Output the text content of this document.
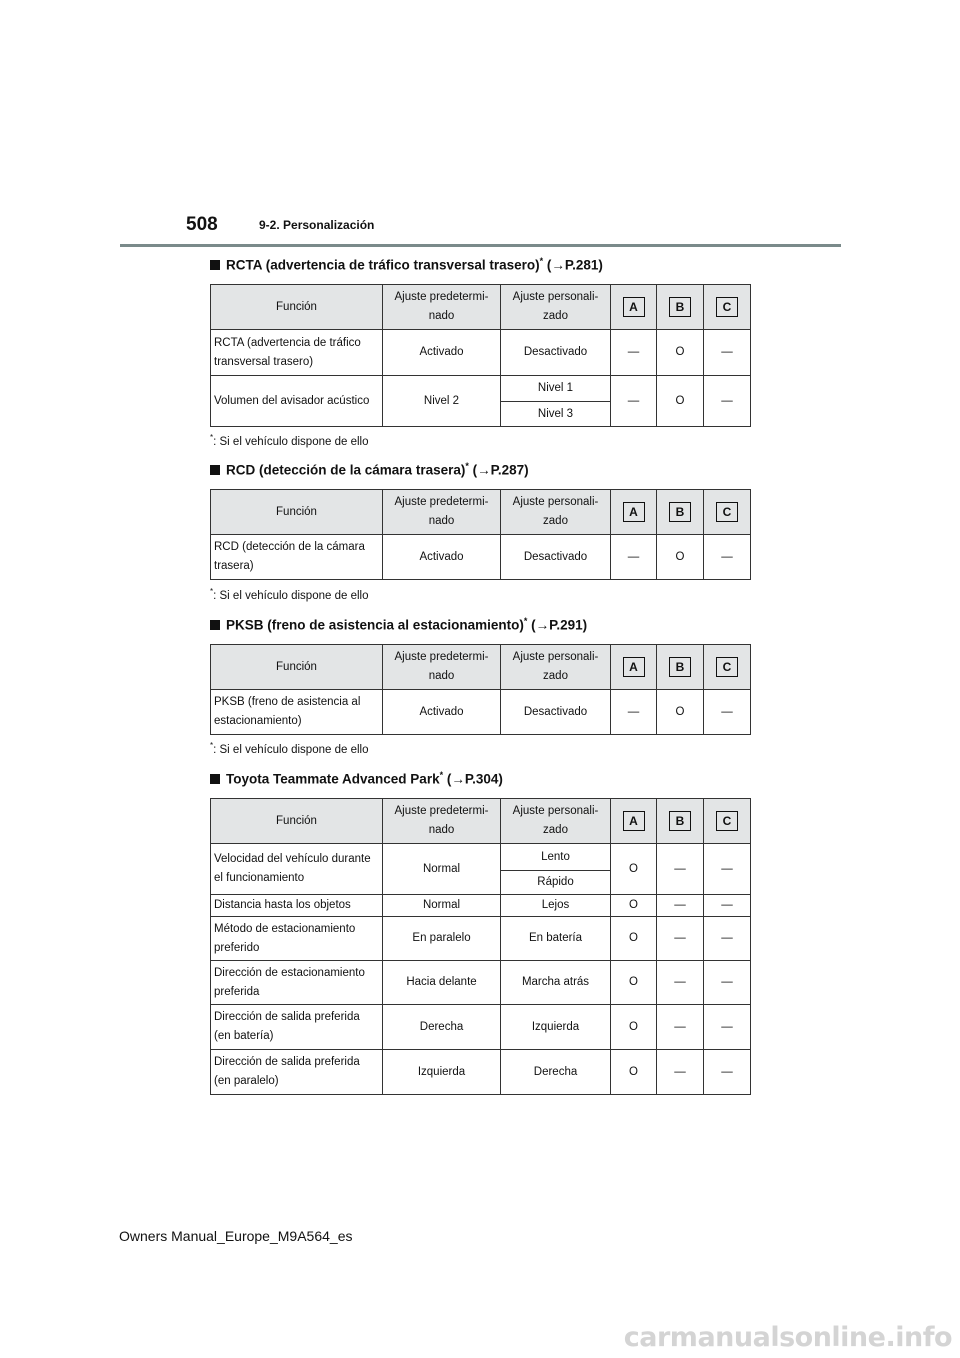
508	9-2. Personalización
RCTA (advertencia de tráfico transversal trasero)* (→P.281)
Función	Ajuste predetermi-nado	Ajuste personali-zado	A	B	C
RCTA (advertencia de tráfico transversal trasero)	Activado	Desactivado	—	O	—
Volumen del avisador acústico	Nivel 2	Nivel 1	—	O	—
		Nivel 3			
*: Si el vehículo dispone de ello
RCD (detección de la cámara trasera)* (→P.287)
Función	Ajuste predetermi-nado	Ajuste personali-zado	A	B	C
RCD (detección de la cámara trasera)	Activado	Desactivado	—	O	—
*: Si el vehículo dispone de ello
PKSB (freno de asistencia al estacionamiento)* (→P.291)
Función	Ajuste predetermi-nado	Ajuste personali-zado	A	B	C
PKSB (freno de asistencia al estacionamiento)	Activado	Desactivado	—	O	—
*: Si el vehículo dispone de ello
Toyota Teammate Advanced Park* (→P.304)
Función	Ajuste predetermi-nado	Ajuste personali-zado	A	B	C
Velocidad del vehículo durante el funcionamiento	Normal	Lento	O	—	—
		Rápido			
Distancia hasta los objetos	Normal	Lejos	O	—	—
Método de estacionamiento preferido	En paralelo	En batería	O	—	—
Dirección de estacionamiento preferida	Hacia delante	Marcha atrás	O	—	—
Dirección de salida preferida (en batería)	Derecha	Izquierda	O	—	—
Dirección de salida preferida (en paralelo)	Izquierda	Derecha	O	—	—
Owners Manual_Europe_M9A564_es
carmanualsonline.info
